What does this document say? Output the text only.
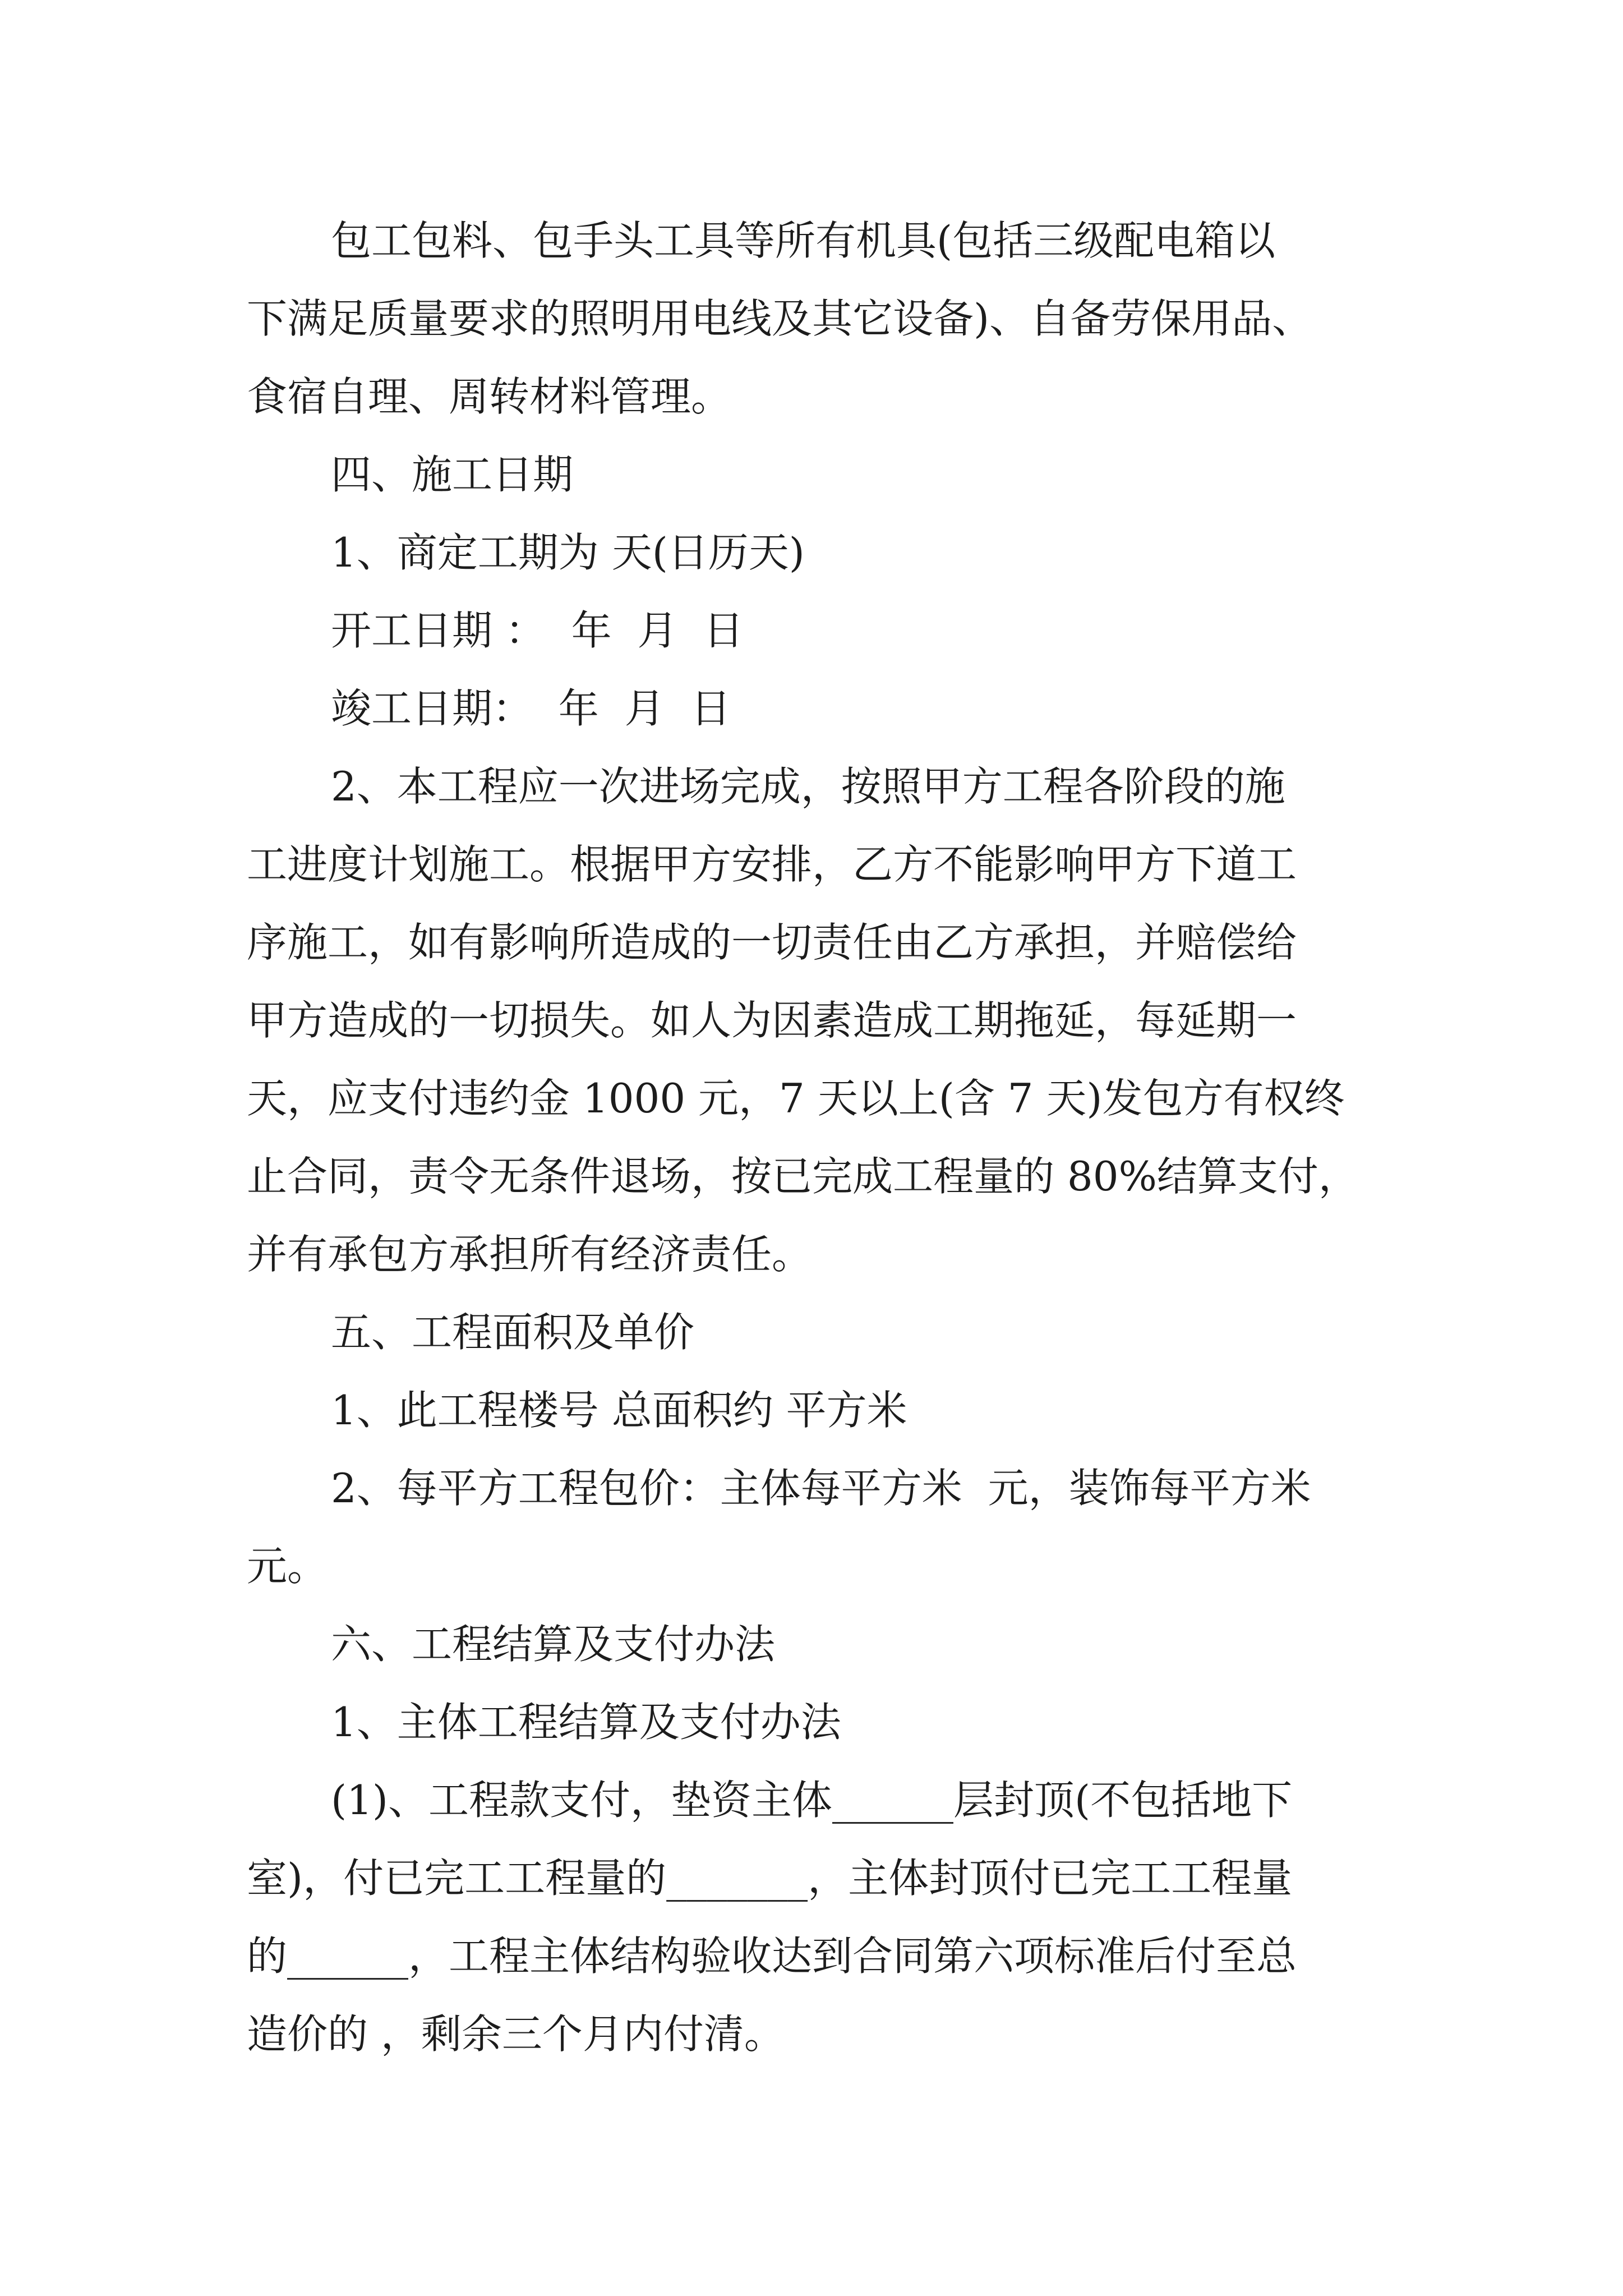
包工包料、包手头工具等所有机具(包括三级配电箱以
下满足质量要求的照明用电线及其它设备)、自备劳保用品、
食宿自理、周转材料管理。
四、施工日期
1、商定工期为 天(日历天)
开工日期 ：  年  月  日
竣工日期：  年  月  日
2、本工程应一次进场完成，按照甲方工程各阶段的施
工进度计划施工。根据甲方安排，乙方不能影响甲方下道工
序施工，如有影响所造成的一切责任由乙方承担，并赔偿给
甲方造成的一切损失。如人为因素造成工期拖延，每延期一
天，应支付违约金 1000 元，7 天以上(含 7 天)发包方有权终
止合同，责令无条件退场，按已完成工程量的 80%结算支付，
并有承包方承担所有经济责任。
五、工程面积及单价
1、此工程楼号 总面积约 平方米
2、每平方工程包价：主体每平方米  元，装饰每平方米
元。
六、工程结算及支付办法
1、主体工程结算及支付办法
(1)、工程款支付，垫资主体______层封顶(不包括地下
室)，付已完工工程量的_______，主体封顶付已完工工程量
的______，工程主体结构验收达到合同第六项标准后付至总
造价的 ，剩余三个月内付清。
